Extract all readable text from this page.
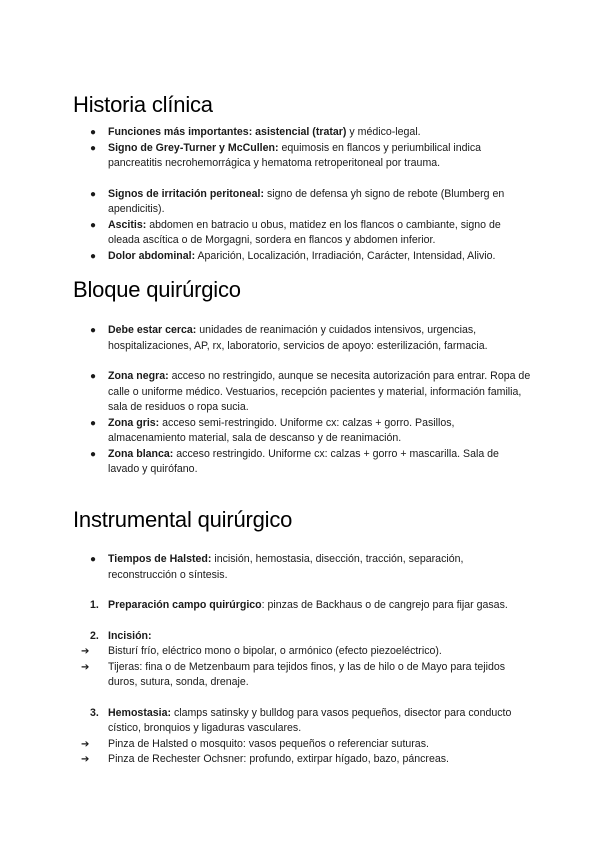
Historia clínica
●	Funciones más importantes: asistencial (tratar) y médico-legal.
●	Signo de Grey-Turner y McCullen: equimosis en flancos y periumbilical indica pancreatitis necrohemorrágica y hematoma retroperitoneal por trauma.
●	Signos de irritación peritoneal: signo de defensa yh signo de rebote (Blumberg en apendicitis).
●	Ascitis: abdomen en batracio u obus, matidez en los flancos o cambiante, signo de oleada ascítica o de Morgagni, sordera en flancos y abdomen inferior.
●	Dolor abdominal: Aparición, Localización, Irradiación, Carácter, Intensidad, Alivio.
Bloque quirúrgico
●	Debe estar cerca: unidades de reanimación y cuidados intensivos, urgencias, hospitalizaciones, AP, rx, laboratorio, servicios de apoyo: esterilización, farmacia.
●	Zona negra: acceso no restringido, aunque se necesita autorización para entrar. Ropa de calle o uniforme médico. Vestuarios, recepción pacientes y material, información familia, sala de residuos o ropa sucia.
●	Zona gris: acceso semi-restringido. Uniforme cx: calzas + gorro. Pasillos, almacenamiento material, sala de descanso y de reanimación.
●	Zona blanca: acceso restringido. Uniforme cx: calzas + gorro + mascarilla. Sala de lavado y quirófano.
Instrumental quirúrgico
●	Tiempos de Halsted: incisión, hemostasia, disección, tracción, separación, reconstrucción o síntesis.
1. Preparación campo quirúrgico: pinzas de Backhaus o de cangrejo para fijar gasas.
2. Incisión:
➔	Bisturí frío, eléctrico mono o bipolar, o armónico (efecto piezoeléctrico).
➔	Tijeras: fina o de Metzenbaum para tejidos finos, y las de hilo o de Mayo para tejidos duros, sutura, sonda, drenaje.
3. Hemostasia: clamps satinsky y bulldog para vasos pequeños, disector para conducto cístico, bronquios y ligaduras vasculares.
➔	Pinza de Halsted o mosquito: vasos pequeños o referenciar suturas.
➔	Pinza de Rechester Ochsner: profundo, extirpar hígado, bazo, páncreas.
